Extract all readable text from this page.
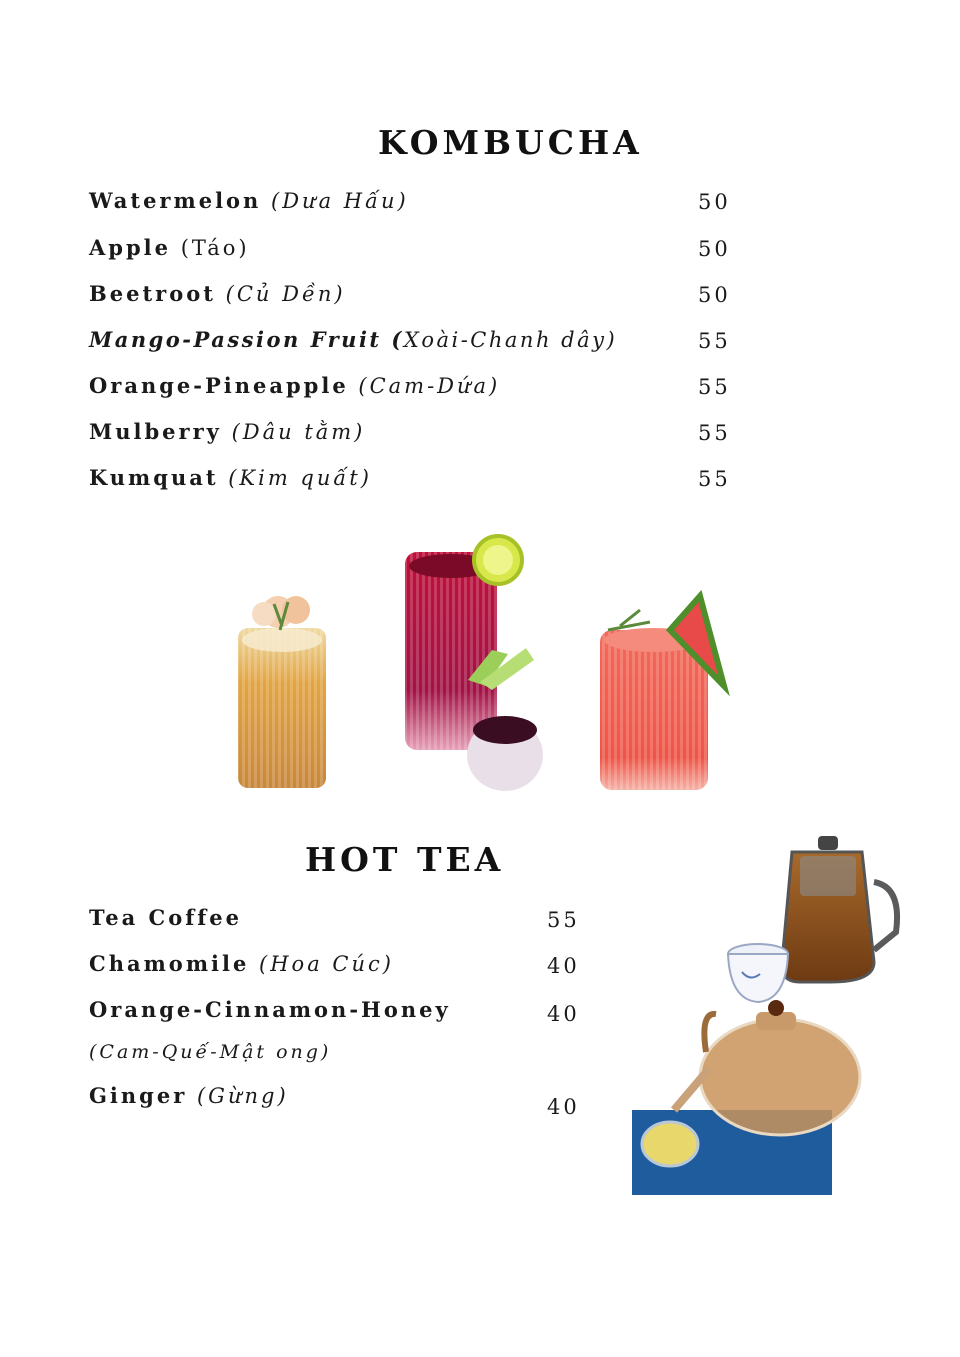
KOMBUCHA
Watermelon (Dưa Hấu)	50
Apple (Táo)	50
Beetroot (Củ Dền)	50
Mango-Passion Fruit (Xoài-Chanh dây)	55
Orange-Pineapple (Cam-Dứa)	55
Mulberry (Dâu tằm)	55
Kumquat (Kim quất)	55
HOT TEA
Tea Coffee	55
Chamomile (Hoa Cúc)	40
Orange-Cinnamon-Honey
(Cam-Quế-Mật ong)
40
Ginger (Gừng)	40
